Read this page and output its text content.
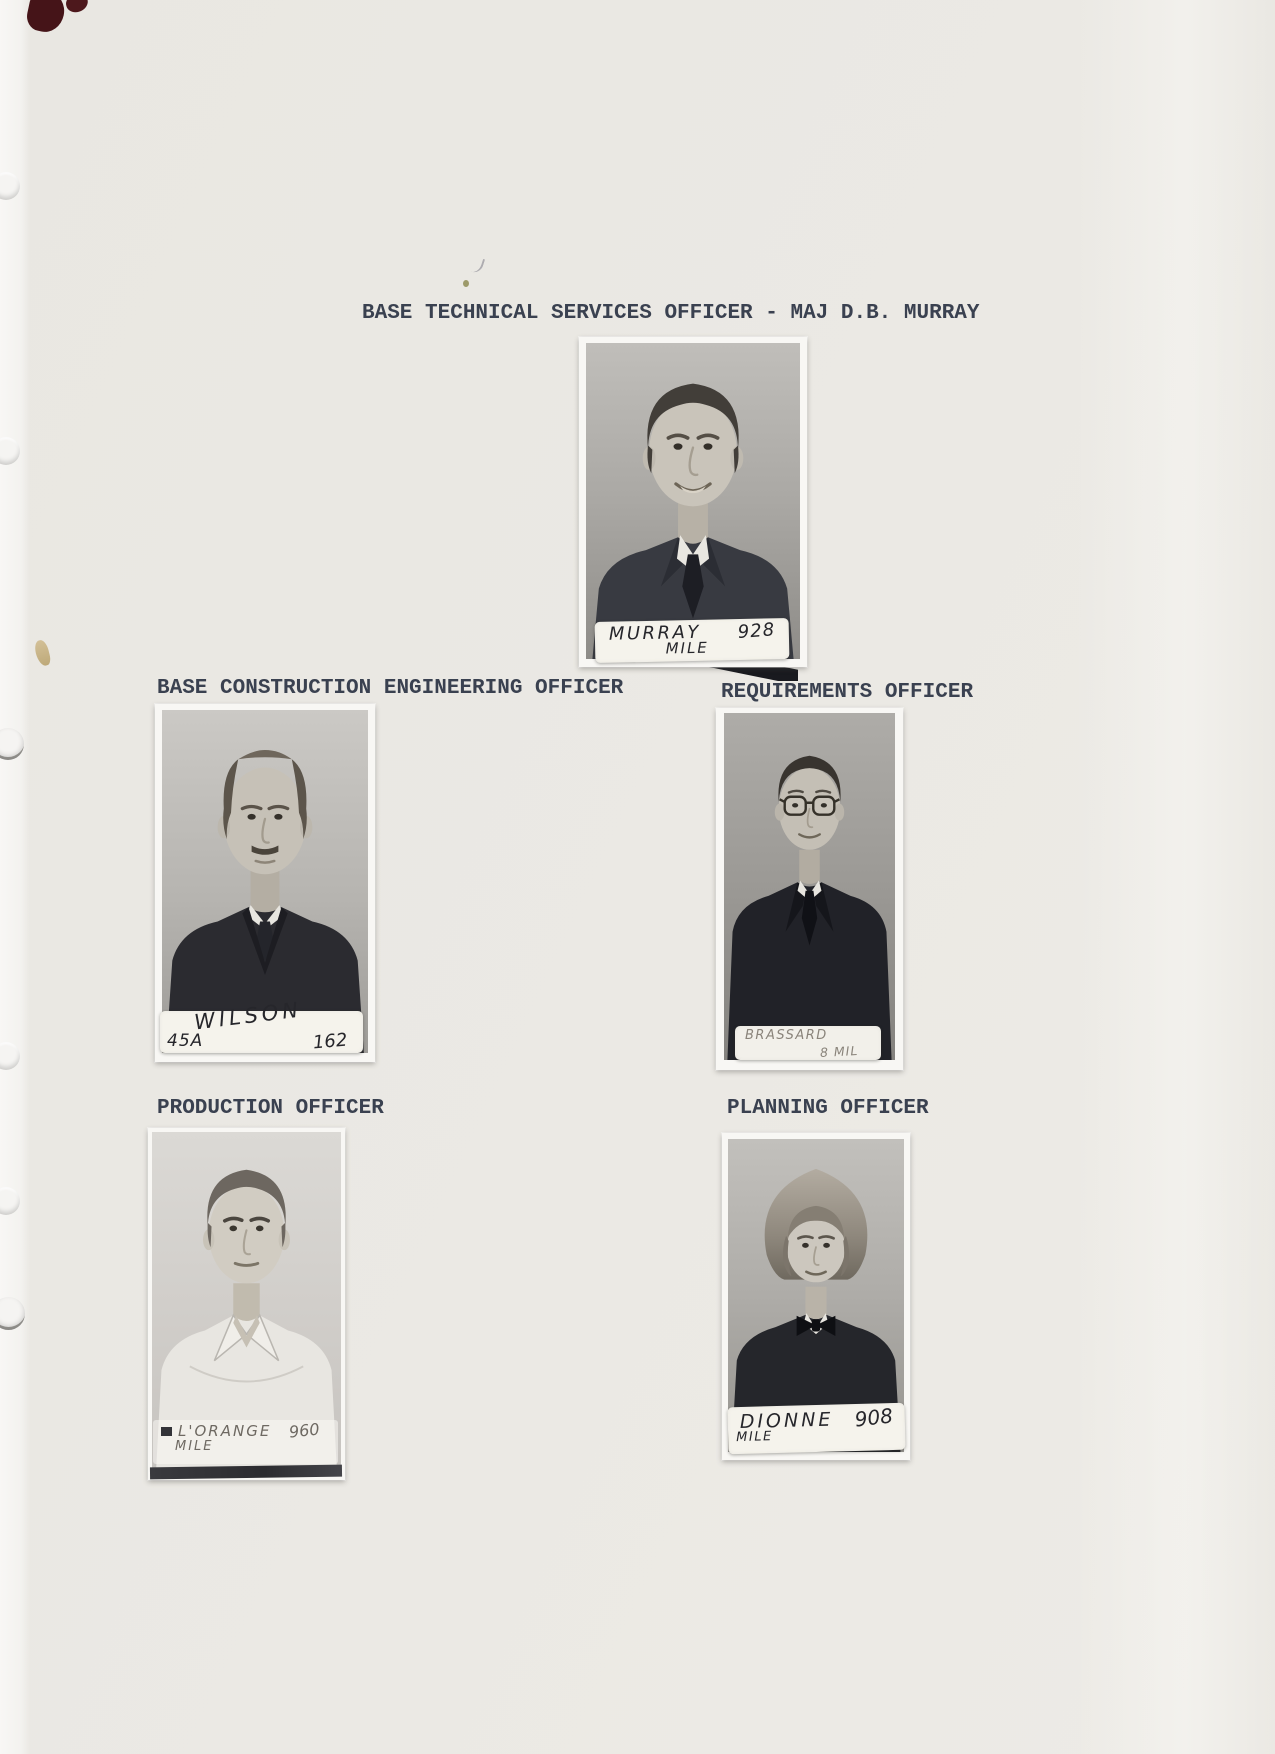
BASE TECHNICAL SERVICES OFFICER - MAJ D.B. MURRAY
BASE CONSTRUCTION ENGINEERING OFFICER	REQUIREMENTS OFFICER
PRODUCTION OFFICER	PLANNING OFFICER
MURRAY 928
MILE
WILSON
45A	162	BRASSARD
8 MIL
L'ORANGE 960
MILE
DIONNE 908
MILE
